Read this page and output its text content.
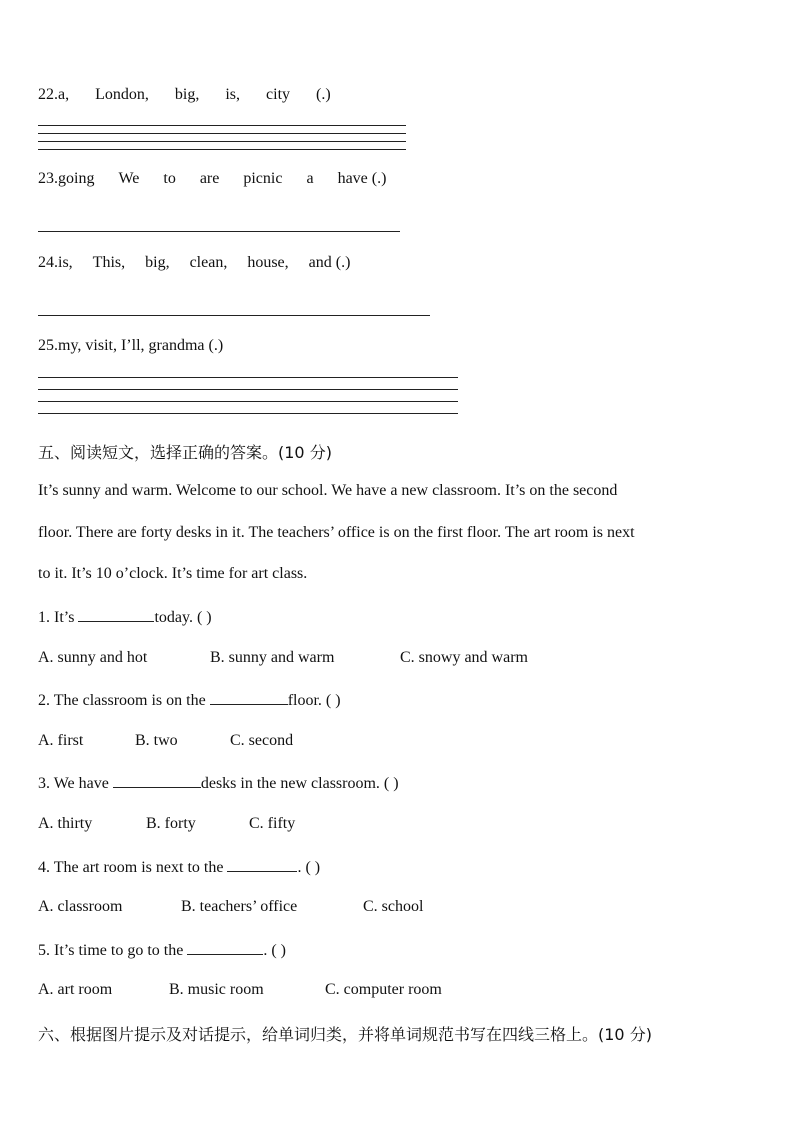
22.a, London, big, is, city (.)
23.going We to are picnic a have (.)
24.is, This, big, clean, house, and (.)
25.my, visit, I’ll, grandma (.)
五、阅读短文，选择正确的答案。(10 分)
It’s sunny and warm. Welcome to our school. We have a new classroom. It’s on the second
floor. There are forty desks in it. The teachers’ office is on the first floor. The art room is next
to it. It’s 10 o’clock. It’s time for art class.
1. It’s	today. ( )
A. sunny and hot	B. sunny and warm	C. snowy and warm
2. The classroom is on the	floor. ( )
A. first	B. two	C. second
3. We have	desks in the new classroom. ( )
A. thirty	B. forty	C. fifty
4. The art room is next to the	. ( )
A. classroom	B. teachers’ office	C. school
5. It’s time to go to the	. ( )
A. art room	B. music room	C. computer room
六、根据图片提示及对话提示，给单词归类，并将单词规范书写在四线三格上。(10 分)
